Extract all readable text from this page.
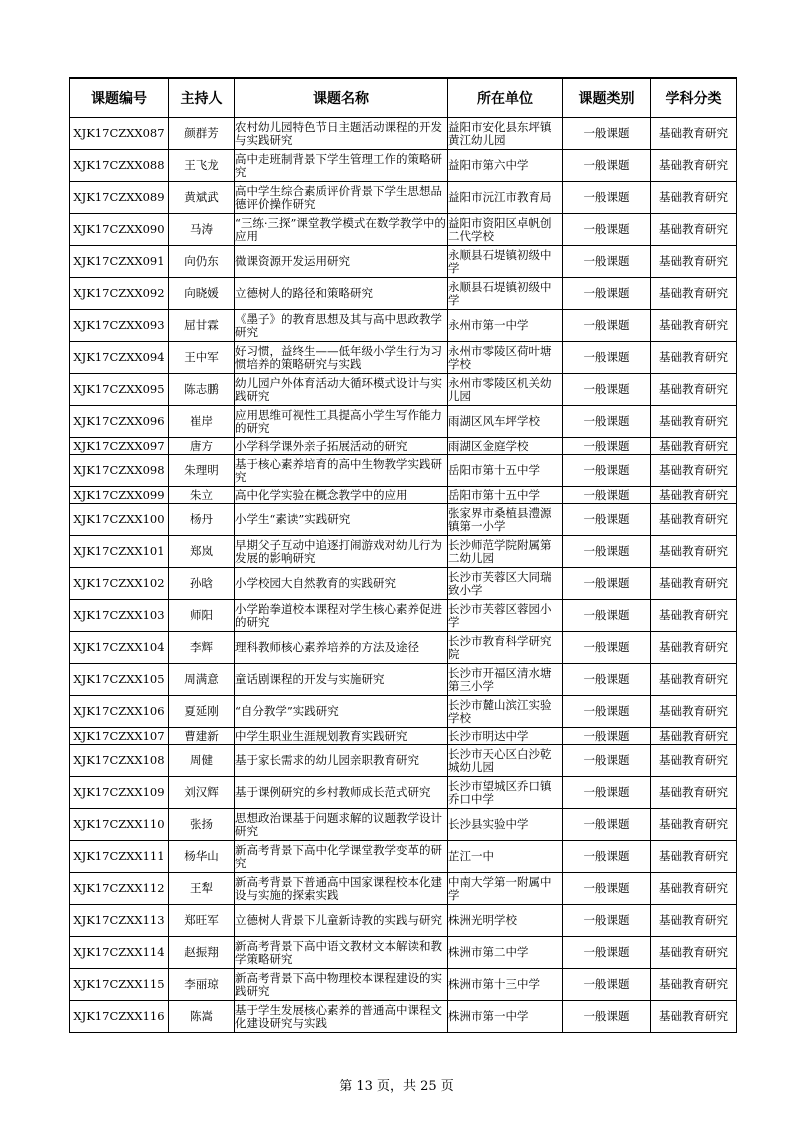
课题编号	主持人	课题名称	所在单位	课题类别	学科分类

XJK17CZXX087	颜群芳	农村幼儿园特色节日主题活动课程的开发与实践研究	益阳市安化县东坪镇黄江幼儿园	一般课题	基础教育研究

XJK17CZXX088	王飞龙	高中走班制背景下学生管理工作的策略研究	益阳市第六中学	一般课题	基础教育研究

XJK17CZXX089	黄斌武	高中学生综合素质评价背景下学生思想品德评价操作研究	益阳市沅江市教育局	一般课题	基础教育研究

XJK17CZXX090	马涛	“三练·三探”课堂教学模式在数学教学中的应用	益阳市资阳区卓帆创二代学校	一般课题	基础教育研究

XJK17CZXX091	向仍东	微课资源开发运用研究	永顺县石堤镇初级中学	一般课题	基础教育研究

XJK17CZXX092	向晓媛	立德树人的路径和策略研究	永顺县石堤镇初级中学	一般课题	基础教育研究

XJK17CZXX093	屈甘霖	《墨子》的教育思想及其与高中思政教学研究	永州市第一中学	一般课题	基础教育研究

XJK17CZXX094	王中军	好习惯，益终生——低年级小学生行为习惯培养的策略研究与实践	永州市零陵区荷叶塘学校	一般课题	基础教育研究

XJK17CZXX095	陈志鹏	幼儿园户外体育活动大循环模式设计与实践研究	永州市零陵区机关幼儿园	一般课题	基础教育研究

XJK17CZXX096	崔岸	应用思维可视性工具提高小学生写作能力的研究	雨湖区风车坪学校	一般课题	基础教育研究

XJK17CZXX097	唐方	小学科学课外亲子拓展活动的研究	雨湖区金庭学校	一般课题	基础教育研究

XJK17CZXX098	朱理明	基于核心素养培育的高中生物教学实践研究	岳阳市第十五中学	一般课题	基础教育研究

XJK17CZXX099	朱立	高中化学实验在概念教学中的应用	岳阳市第十五中学	一般课题	基础教育研究

XJK17CZXX100	杨丹	小学生“素读”实践研究	张家界市桑植县澧源镇第一小学	一般课题	基础教育研究

XJK17CZXX101	郑岚	早期父子互动中追逐打闹游戏对幼儿行为发展的影响研究	长沙师范学院附属第二幼儿园	一般课题	基础教育研究

XJK17CZXX102	孙晗	小学校园大自然教育的实践研究	长沙市芙蓉区大同瑞致小学	一般课题	基础教育研究

XJK17CZXX103	师阳	小学跆拳道校本课程对学生核心素养促进的研究	长沙市芙蓉区蓉园小学	一般课题	基础教育研究

XJK17CZXX104	李辉	理科教师核心素养培养的方法及途径	长沙市教育科学研究院	一般课题	基础教育研究

XJK17CZXX105	周满意	童话剧课程的开发与实施研究	长沙市开福区清水塘第三小学	一般课题	基础教育研究

XJK17CZXX106	夏延刚	“自分教学”实践研究	长沙市麓山滨江实验学校	一般课题	基础教育研究

XJK17CZXX107	曹建新	中学生职业生涯规划教育实践研究	长沙市明达中学	一般课题	基础教育研究

XJK17CZXX108	周健	基于家长需求的幼儿园亲职教育研究	长沙市天心区白沙乾城幼儿园	一般课题	基础教育研究

XJK17CZXX109	刘汉辉	基于课例研究的乡村教师成长范式研究	长沙市望城区乔口镇乔口中学	一般课题	基础教育研究

XJK17CZXX110	张扬	思想政治课基于问题求解的议题教学设计研究	长沙县实验中学	一般课题	基础教育研究

XJK17CZXX111	杨华山	新高考背景下高中化学课堂教学变革的研究	芷江一中	一般课题	基础教育研究

XJK17CZXX112	王犁	新高考背景下普通高中国家课程校本化建设与实施的探索实践	中南大学第一附属中学	一般课题	基础教育研究

XJK17CZXX113	郑旺军	立德树人背景下儿童新诗教的实践与研究	株洲光明学校	一般课题	基础教育研究

XJK17CZXX114	赵振翔	新高考背景下高中语文教材文本解读和教学策略研究	株洲市第二中学	一般课题	基础教育研究

XJK17CZXX115	李丽琼	新高考背景下高中物理校本课程建设的实践研究	株洲市第十三中学	一般课题	基础教育研究

XJK17CZXX116	陈嵩	基于学生发展核心素养的普通高中课程文化建设研究与实践	株洲市第一中学	一般课题	基础教育研究
第 13 页，共 25 页
